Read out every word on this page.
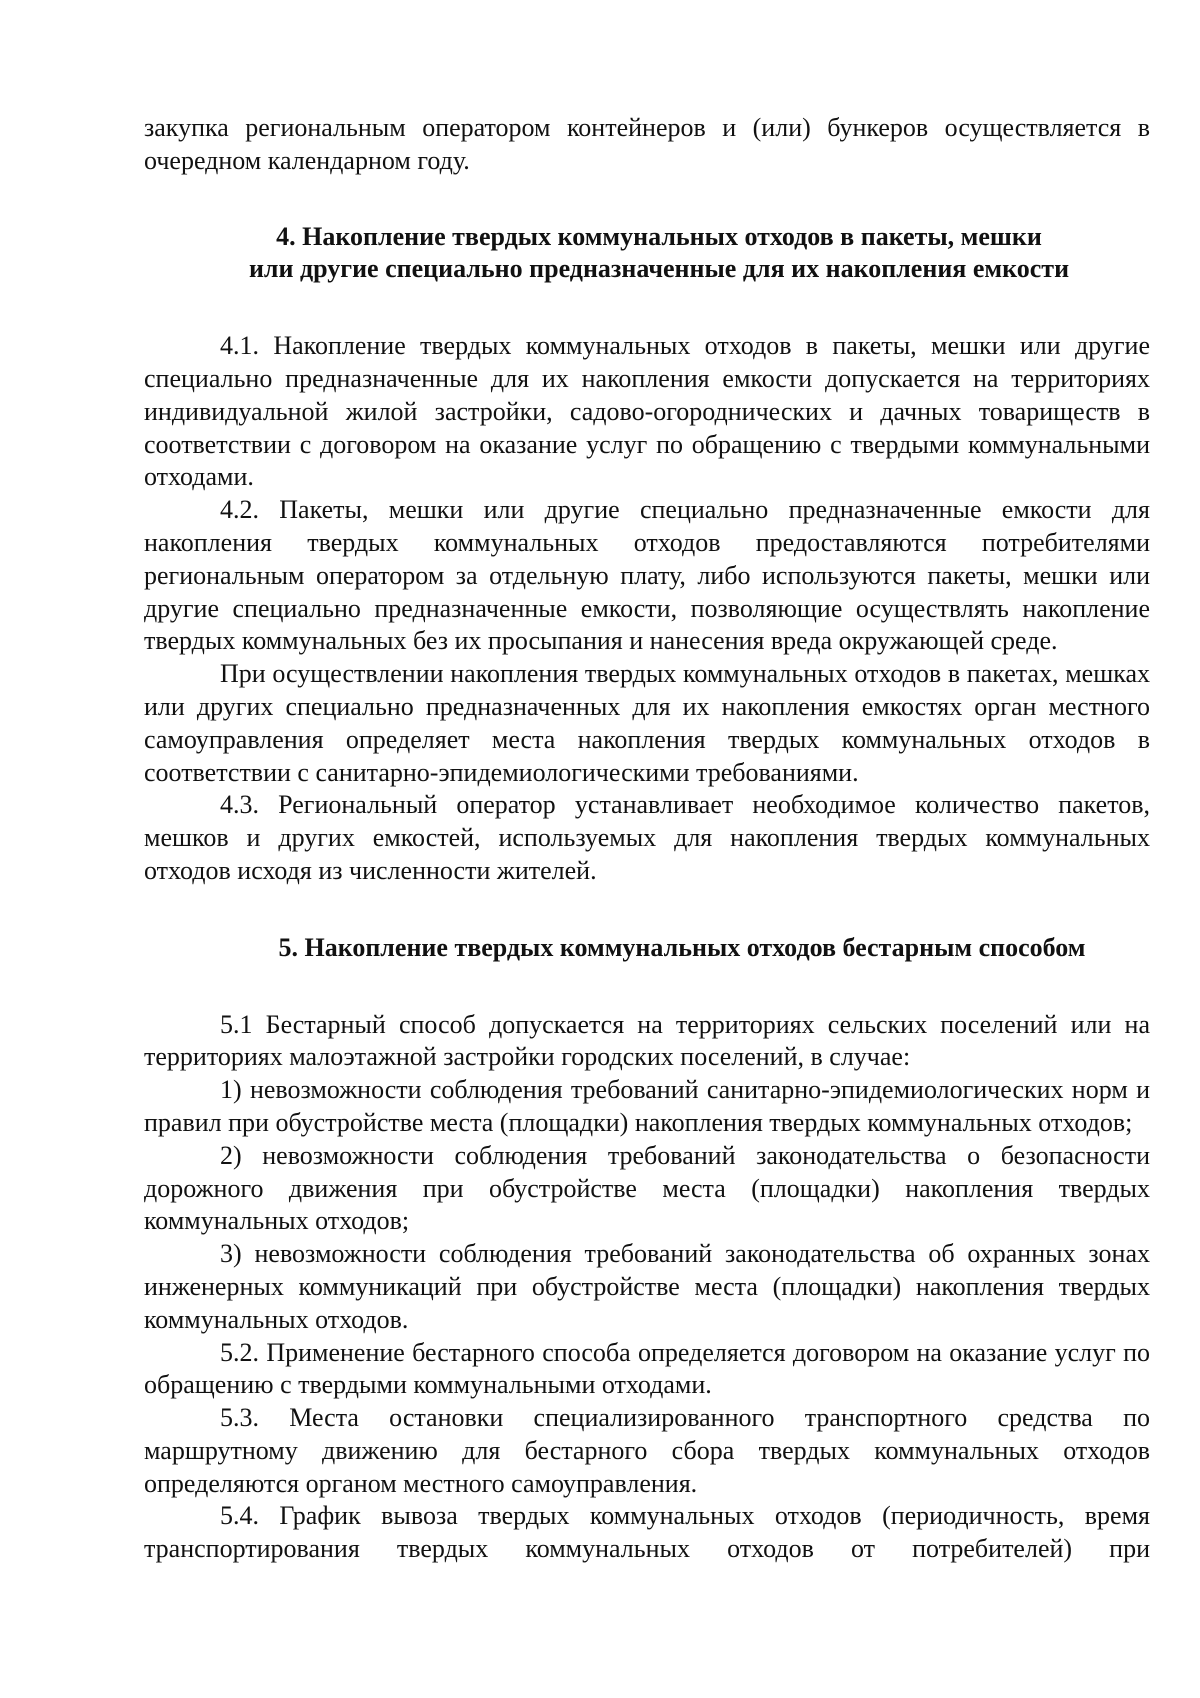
закупка региональным оператором контейнеров и (или) бункеров осуществляется в очередном календарном году.

4. Накопление твердых коммунальных отходов в пакеты, мешки
или другие специально предназначенные для их накопления емкости

4.1. Накопление твердых коммунальных отходов в пакеты, мешки или другие специально предназначенные для их накопления емкости допускается на территориях индивидуальной жилой застройки, садово-огороднических и дачных товариществ в соответствии с договором на оказание услуг по обращению с твердыми коммунальными отходами.

4.2. Пакеты, мешки или другие специально предназначенные емкости для накопления твердых коммунальных отходов предоставляются потребителями региональным оператором за отдельную плату, либо используются пакеты, мешки или другие специально предназначенные емкости, позволяющие осуществлять накопление твердых коммунальных без их просыпания и нанесения вреда окружающей среде.

При осуществлении накопления твердых коммунальных отходов в пакетах, мешках или других специально предназначенных для их накопления емкостях орган местного самоуправления определяет места накопления твердых коммунальных отходов в соответствии с санитарно-эпидемиологическими требованиями.

4.3. Региональный оператор устанавливает необходимое количество пакетов, мешков и других емкостей, используемых для накопления твердых коммунальных отходов исходя из численности жителей.

5. Накопление твердых коммунальных отходов бестарным способом

5.1 Бестарный способ допускается на территориях сельских поселений или на территориях малоэтажной застройки городских поселений, в случае:

1) невозможности соблюдения требований санитарно-эпидемиологических норм и правил при обустройстве места (площадки) накопления твердых коммунальных отходов;

2) невозможности соблюдения требований законодательства о безопасности дорожного движения при обустройстве места (площадки) накопления твердых коммунальных отходов;

3) невозможности соблюдения требований законодательства об охранных зонах инженерных коммуникаций при обустройстве места (площадки) накопления твердых коммунальных отходов.

5.2. Применение бестарного способа определяется договором на оказание услуг по обращению с твердыми коммунальными отходами.

5.3. Места остановки специализированного транспортного средства по маршрутному движению для бестарного сбора твердых коммунальных отходов определяются органом местного самоуправления.

5.4. График вывоза твердых коммунальных отходов (периодичность, время транспортирования твердых коммунальных отходов от потребителей) при
